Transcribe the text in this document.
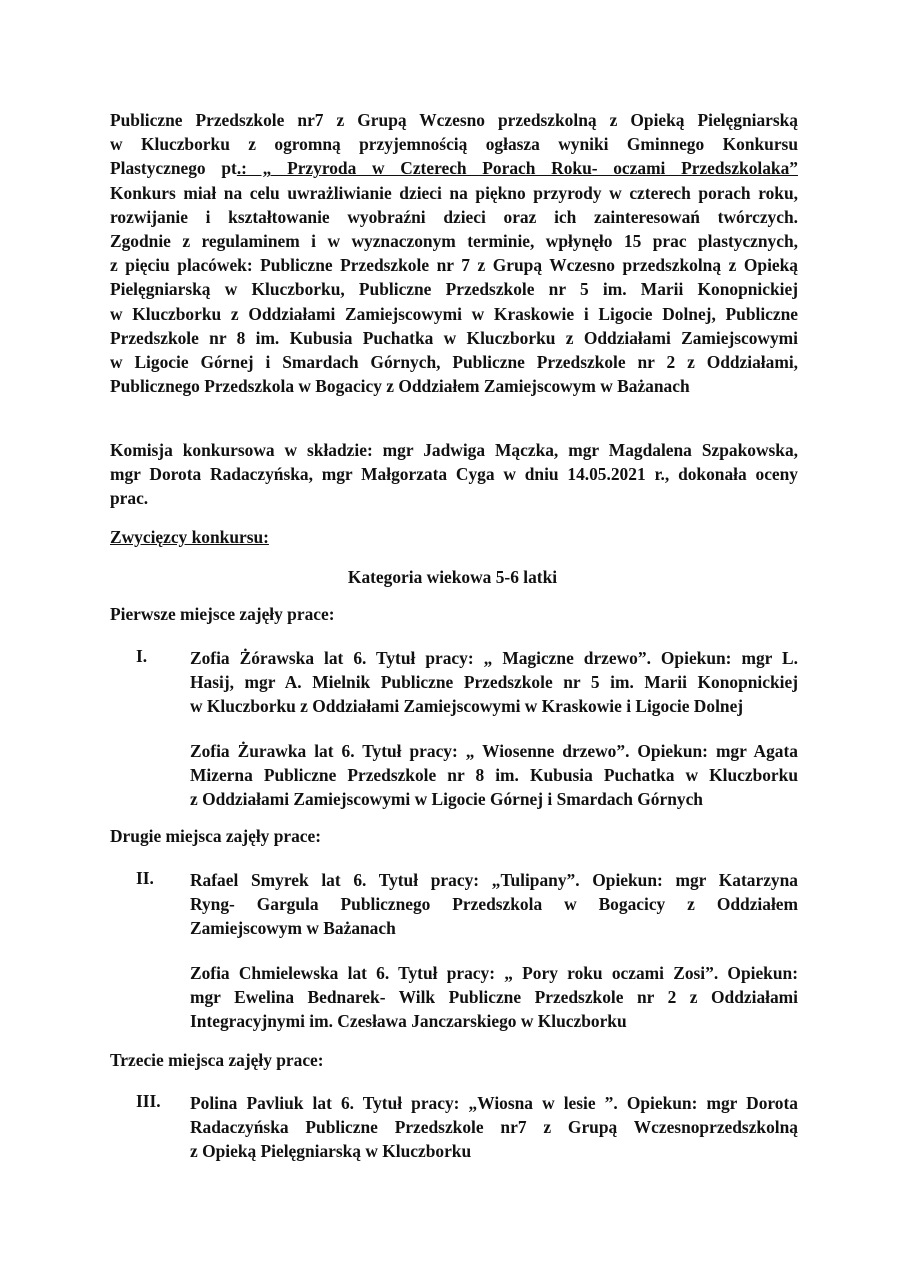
Publiczne Przedszkole nr7 z Grupą Wczesno przedszkolną z Opieką Pielęgniarską
w Kluczborku z ogromną przyjemnością ogłasza wyniki Gminnego Konkursu
Plastycznego pt.: „ Przyroda w Czterech Porach Roku- oczami Przedszkolaka”
Konkurs miał na celu uwrażliwianie dzieci na piękno przyrody w czterech porach roku,
rozwijanie i kształtowanie wyobraźni dzieci oraz ich zainteresowań twórczych.
Zgodnie z regulaminem i w wyznaczonym terminie, wpłynęło 15 prac plastycznych,
z pięciu placówek: Publiczne Przedszkole nr 7 z Grupą Wczesno przedszkolną z Opieką
Pielęgniarską w Kluczborku, Publiczne Przedszkole nr 5 im. Marii Konopnickiej
w Kluczborku z Oddziałami Zamiejscowymi w Kraskowie i Ligocie Dolnej, Publiczne
Przedszkole nr 8 im. Kubusia Puchatka w Kluczborku z Oddziałami Zamiejscowymi
w Ligocie Górnej i Smardach Górnych, Publiczne Przedszkole nr 2 z Oddziałami,
Publicznego Przedszkola w Bogacicy z Oddziałem Zamiejscowym w Bażanach
Komisja konkursowa w składzie: mgr Jadwiga Mączka, mgr Magdalena Szpakowska,
mgr Dorota Radaczyńska, mgr Małgorzata Cyga w dniu 14.05.2021 r., dokonała oceny
prac.
Zwycięzcy konkursu:
Kategoria wiekowa 5-6 latki
Pierwsze miejsce zajęły prace:
I. Zofia Żórawska lat 6. Tytuł pracy: „ Magiczne drzewo”. Opiekun: mgr L.
Hasij, mgr A. Mielnik Publiczne Przedszkole nr 5 im. Marii Konopnickiej
w Kluczborku z Oddziałami Zamiejscowymi w Kraskowie i Ligocie Dolnej
Zofia Żurawka lat 6. Tytuł pracy: „ Wiosenne drzewo”. Opiekun: mgr Agata
Mizerna Publiczne Przedszkole nr 8 im. Kubusia Puchatka w Kluczborku
z Oddziałami Zamiejscowymi w Ligocie Górnej i Smardach Górnych
Drugie miejsca zajęły prace:
II. Rafael Smyrek lat 6. Tytuł pracy: „Tulipany”. Opiekun: mgr Katarzyna
Ryng- Gargula Publicznego Przedszkola w Bogacicy z Oddziałem
Zamiejscowym w Bażanach
Zofia Chmielewska lat 6. Tytuł pracy: „ Pory roku oczami Zosi”. Opiekun:
mgr Ewelina Bednarek- Wilk Publiczne Przedszkole nr 2 z Oddziałami
Integracyjnymi im. Czesława Janczarskiego w Kluczborku
Trzecie miejsca zajęły prace:
III. Polina Pavliuk lat 6. Tytuł pracy: „Wiosna w lesie ”. Opiekun: mgr Dorota
Radaczyńska Publiczne Przedszkole nr7 z Grupą Wczesnoprzedszkolną
z Opieką Pielęgniarską w Kluczborku
